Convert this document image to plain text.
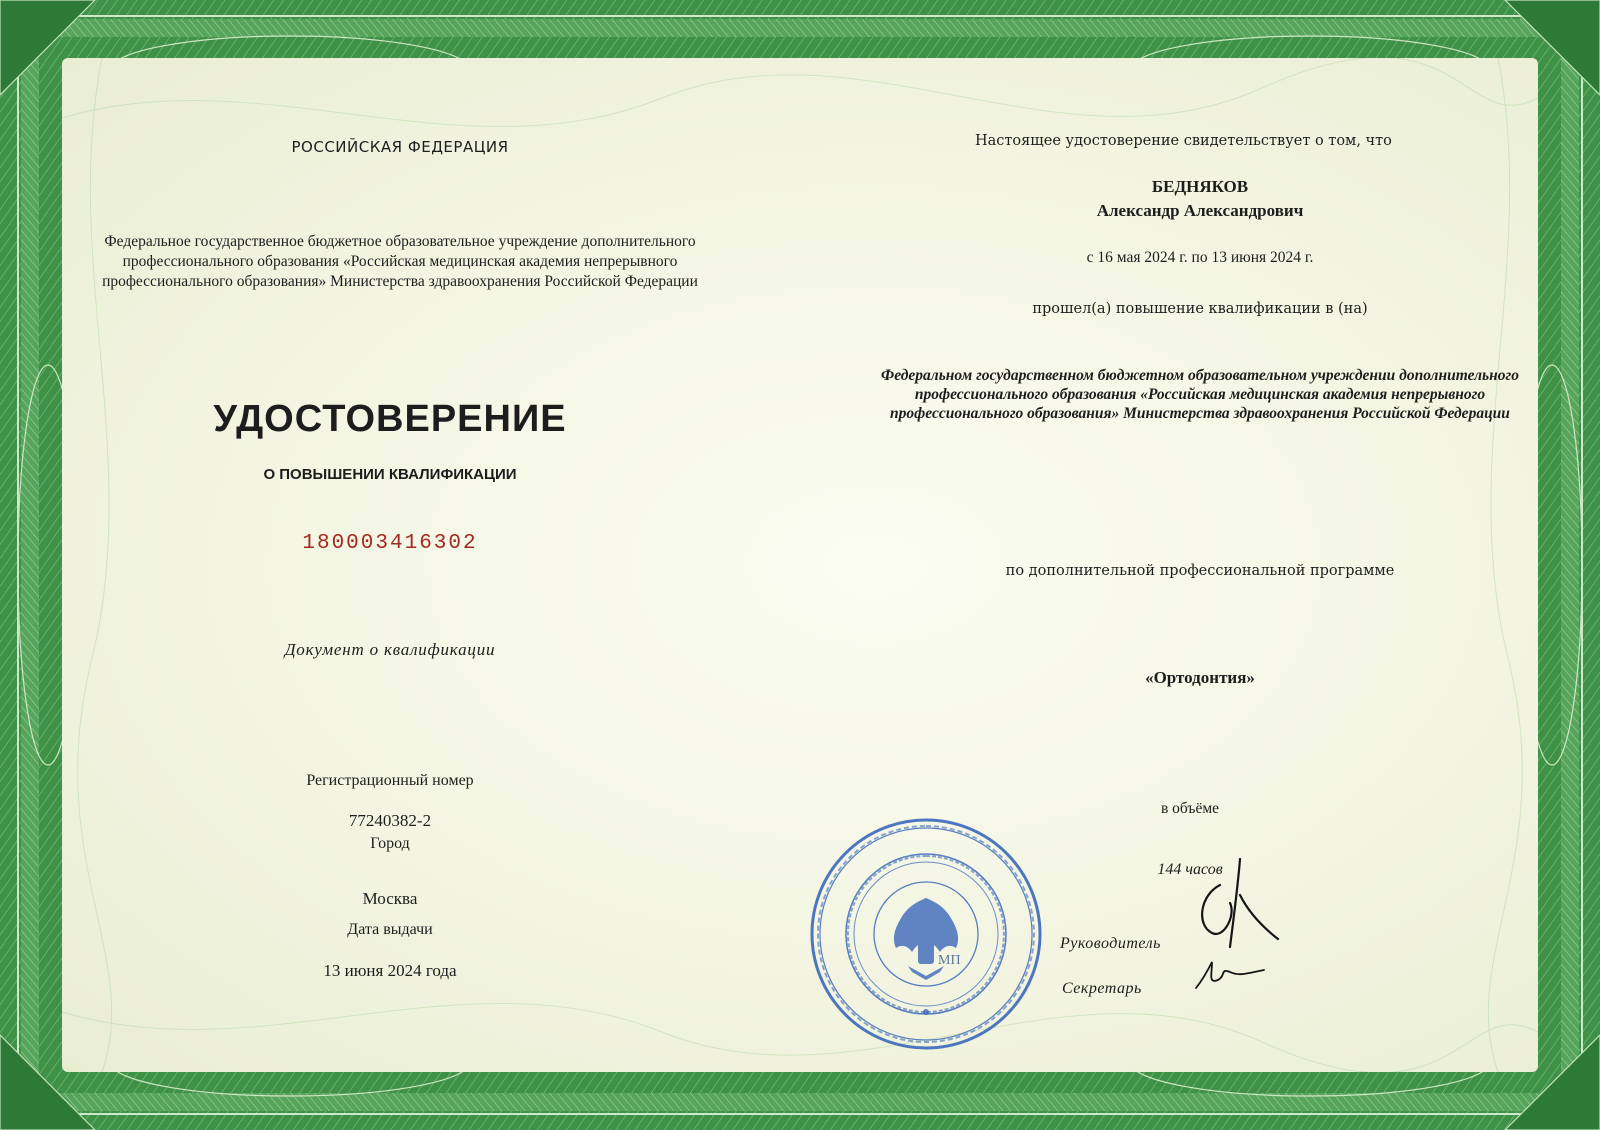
РОССИЙСКАЯ ФЕДЕРАЦИЯ
Федеральное государственное бюджетное образовательное учреждение дополнительного профессионального образования «Российская медицинская академия непрерывного профессионального образования» Министерства здравоохранения Российской Федерации
УДОСТОВЕРЕНИЕ
О ПОВЫШЕНИИ КВАЛИФИКАЦИИ
180003416302
Документ о квалификации
Регистрационный номер
77240382-2
Город
Москва
Дата выдачи
13 июня 2024 года
Настоящее удостоверение свидетельствует о том, что
БЕДНЯКОВ
Александр Александрович
с 16 мая 2024 г. по 13 июня 2024 г.
прошел(а) повышение квалификации в (на)
Федеральном государственном бюджетном образовательном учреждении дополнительного профессионального образования «Российская медицинская академия непрерывного профессионального образования» Министерства здравоохранения Российской Федерации
по дополнительной профессиональной программе
«Ортодонтия»
в объёме
144 часов
Руководитель
Секретарь
МП
